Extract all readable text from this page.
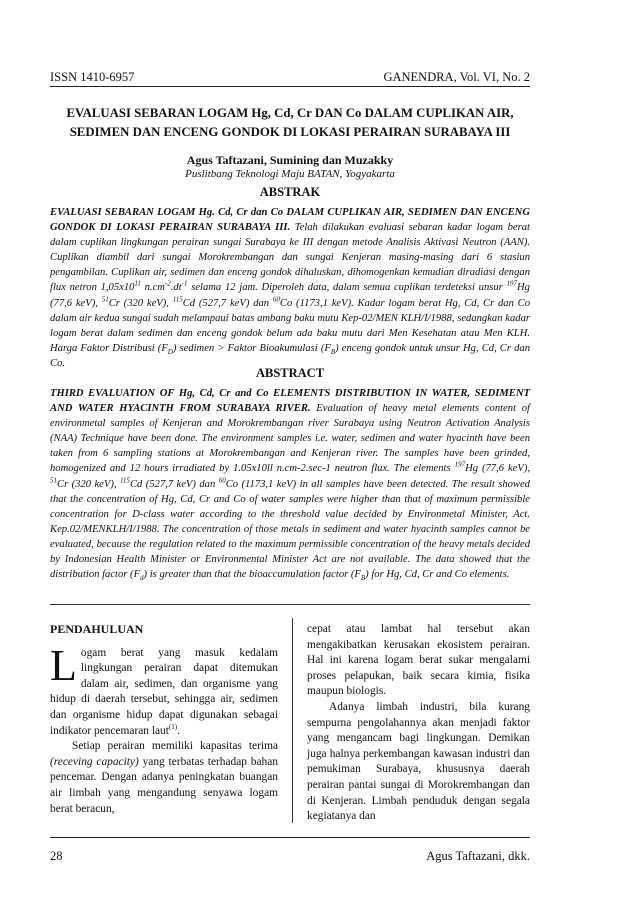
ISSN 1410-6957	GANENDRA, Vol. VI, No. 2
EVALUASI SEBARAN LOGAM Hg, Cd, Cr DAN Co DALAM CUPLIKAN AIR,
SEDIMEN DAN ENCENG GONDOK DI LOKASI PERAIRAN SURABAYA III
Agus Taftazani, Sumining dan Muzakky
Puslitbang Teknologi Maju BATAN, Yogyakarta
ABSTRAK
EVALUASI SEBARAN LOGAM Hg. Cd, Cr dan Co DALAM CUPLIKAN AIR, SEDIMEN DAN ENCENG GONDOK DI LOKASI PERAIRAN SURABAYA III. Telah dilakukan evaluasi sebaran kadar logam berat dalam cuplikan lingkungan perairan sungai Surabaya ke III dengan metode Analisis Aktivasi Neutron (AAN). Cuplikan diambil dari sungai Morokrembangan dan sungai Kenjeran masing-masing dari 6 stasiun pengambilan. Cuplikan air, sedimen dan enceng gondok dihaluskan, dihomogenkan kemudian diradiasi dengan flux netron $1,05x10^{11}$ $n.cm^{-2}.dt^{-1}$ selama 12 jam. Diperoleh data, dalam semua cuplikan terdeteksi unsur $^{197}$Hg (77,6 keV), $^{51}$Cr (320 keV), $^{115}$Cd (527,7 keV) dan $^{60}$Co (1173,1 keV). Kadar logam berat Hg, Cd, Cr dan Co dalam air kedua sungai sudah melampaui batas ambang baku mutu Kep-02/MEN KLH/I/1988, sedangkan kadar logam berat dalam sedimen dan enceng gondok belum ada baku mutu dari Men Kesehatan atau Men KLH. Harga Faktor Distribusi $(F_D)$ sedimen > Faktor Bioakumulasi $(F_B)$ enceng gondok untuk unsur Hg, Cd, Cr dan Co.
ABSTRACT
THIRD EVALUATION OF Hg, Cd, Cr and Co ELEMENTS DISTRIBUTION IN WATER, SEDIMENT AND WATER HYACINTH FROM SURABAYA RIVER. Evaluation of heavy metal elements content of environmetal samples of Kenjeran and Morokrembangan river Surabaya using Neutron Activation Analysis (NAA) Technique have been done. The environment samples i.e. water, sedimen and water hyacinth have been taken from 6 sampling stations at Morokrembangan and Kenjeran river. The samples have been grinded, homogenized and 12 hours irradiated by 1.05x10ll n.cm-2.sec-1 neutron flux. The elements $^{197}$Hg (77,6 keV), $^{51}$Cr (320 keV), $^{115}$Cd (527,7 keV) dan $^{60}$Co (1173,1 keV) in all samples have been detected. The result showed that the concentration of Hg, Cd, Cr and Co of water samples were higher than that of maximum permissible concentration for D-class water according to the threshold value decided by Environmetal Minister, Act. Kep.02/MENKLH/I/1988. The concentration of those metals in sediment and water hyacinth samples cannot be evaluated, because the regulation related to the maximum permissible concentration of the heavy metals decided by Indonesian Health Minister or Environmental Minister Act are not available. The data showed that the distribution factor $(F_d)$ is greater than that the bioaccumulation factor $(F_B)$ for Hg, Cd, Cr and Co elements.
PENDAHULUAN

Logam berat yang masuk kedalam lingkungan perairan dapat ditemukan dalam air, sedimen, dan organisme yang hidup di daerah tersebut, sehingga air, sedimen dan organisme hidup dapat digunakan sebagai indikator pencemaran laut$^{(1)}$.

Setiap perairan memiliki kapasitas terima (receving capacity) yang terbatas terhadap bahan pencemar. Dengan adanya peningkatan buangan air limbah yang mengandung senyawa logam berat beracun,

cepat atau lambat hal tersebut akan mengakibatkan kerusakan ekosistem perairan. Hal ini karena logam berat sukar mengalami proses pelapukan, baik secara kimia, fisika maupun biologis.

Adanya limbah industri, bila kurang sempurna pengolahannya akan menjadi faktor yang mengancam bagi lingkungan. Demikan juga halnya perkembangan kawasan industri dan pemukiman Surabaya, khususnya daerah perairan pantai sungai di Morokrembangan dan di Kenjeran. Limbah penduduk dengan segala kegiatanya dan

28	Agus Taftazani, dkk.
